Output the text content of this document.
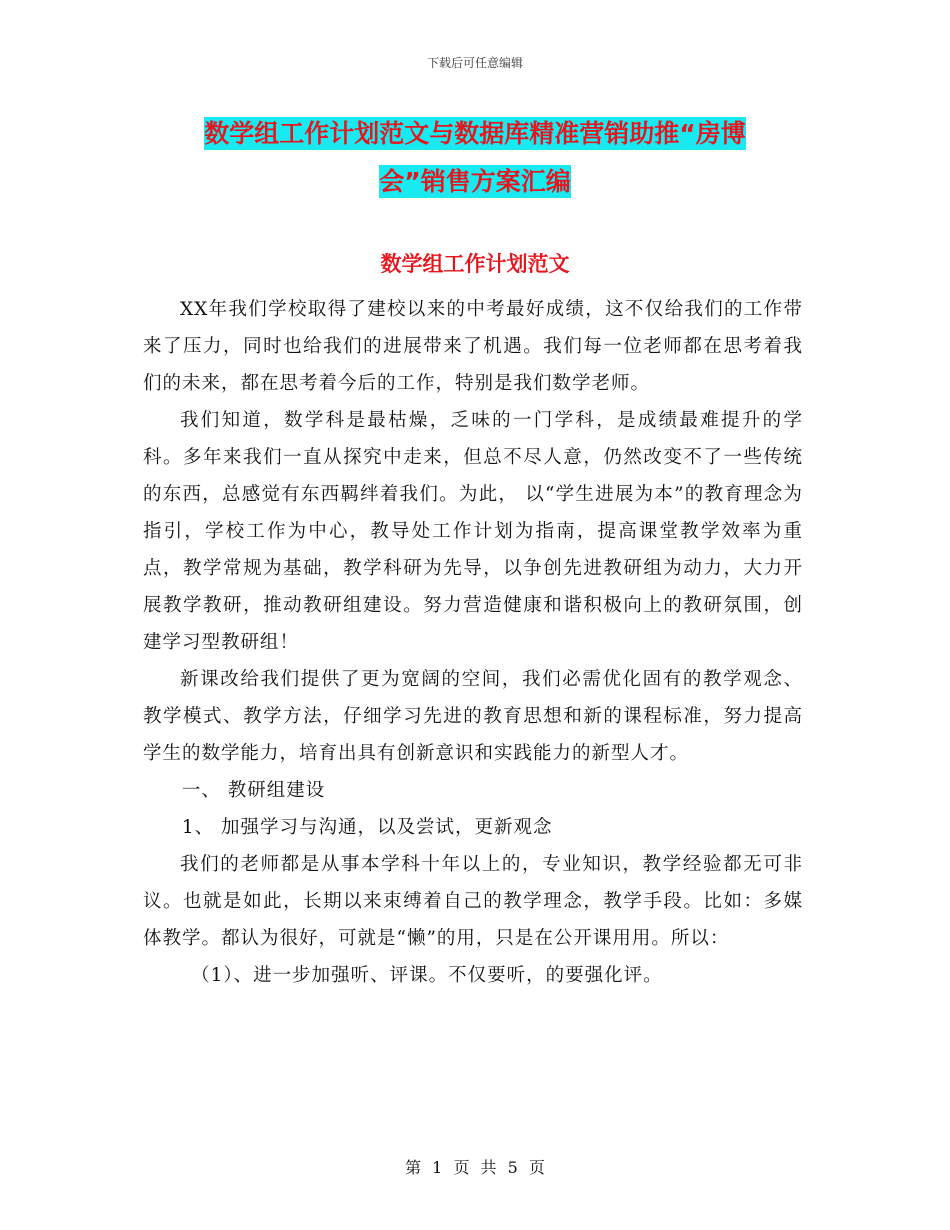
下载后可任意编辑
数学组工作计划范文与数据库精准营销助推“房博
会”销售方案汇编
数学组工作计划范文

XX年我们学校取得了建校以来的中考最好成绩，这不仅给我们的工作带来了压力，同时也给我们的进展带来了机遇。我们每一位老师都在思考着我们的未来，都在思考着今后的工作，特别是我们数学老师。

我们知道，数学科是最枯燥，乏味的一门学科，是成绩最难提升的学科。多年来我们一直从探究中走来，但总不尽人意，仍然改变不了一些传统的东西，总感觉有东西羁绊着我们。为此， 以“学生进展为本”的教育理念为指引，学校工作为中心，教导处工作计划为指南，提高课堂教学效率为重点，教学常规为基础，教学科研为先导，以争创先进教研组为动力，大力开展教学教研，推动教研组建设。努力营造健康和谐积极向上的教研氛围，创建学习型教研组！

新课改给我们提供了更为宽阔的空间，我们必需优化固有的教学观念、教学模式、教学方法，仔细学习先进的教育思想和新的课程标准，努力提高学生的数学能力，培育出具有创新意识和实践能力的新型人才。

一、 教研组建设

1、 加强学习与沟通，以及尝试，更新观念

我们的老师都是从事本学科十年以上的，专业知识，教学经验都无可非议。也就是如此，长期以来束缚着自己的教学理念，教学手段。比如：多媒体教学。都认为很好，可就是“懒”的用，只是在公开课用用。所以：

（1）、进一步加强听、评课。不仅要听，的要强化评。

第 1 页 共 5 页
